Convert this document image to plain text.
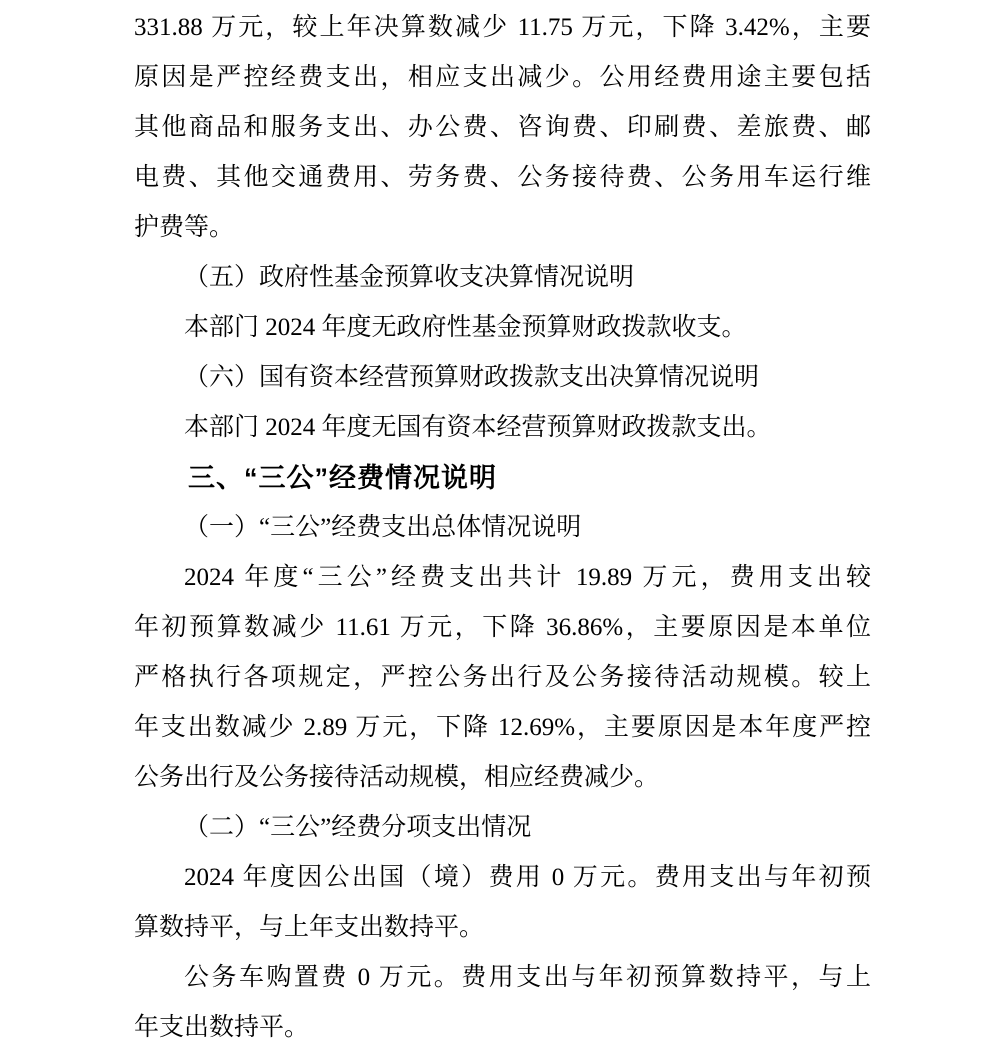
331.88 万元，较上年决算数减少 11.75 万元，下降 3.42%，主要
原因是严控经费支出，相应支出减少。公用经费用途主要包括
其他商品和服务支出、办公费、咨询费、印刷费、差旅费、邮
电费、其他交通费用、劳务费、公务接待费、公务用车运行维
护费等。

（五）政府性基金预算收支决算情况说明

本部门 2024 年度无政府性基金预算财政拨款收支。

（六）国有资本经营预算财政拨款支出决算情况说明

本部门 2024 年度无国有资本经营预算财政拨款支出。

三、“三公”经费情况说明

（一）“三公”经费支出总体情况说明

2024 年度“三公”经费支出共计 19.89 万元，费用支出较
年初预算数减少 11.61 万元，下降 36.86%，主要原因是本单位
严格执行各项规定，严控公务出行及公务接待活动规模。较上
年支出数减少 2.89 万元，下降 12.69%，主要原因是本年度严控
公务出行及公务接待活动规模，相应经费减少。

（二）“三公”经费分项支出情况

2024 年度因公出国（境）费用 0 万元。费用支出与年初预
算数持平，与上年支出数持平。

公务车购置费 0 万元。费用支出与年初预算数持平，与上
年支出数持平。
